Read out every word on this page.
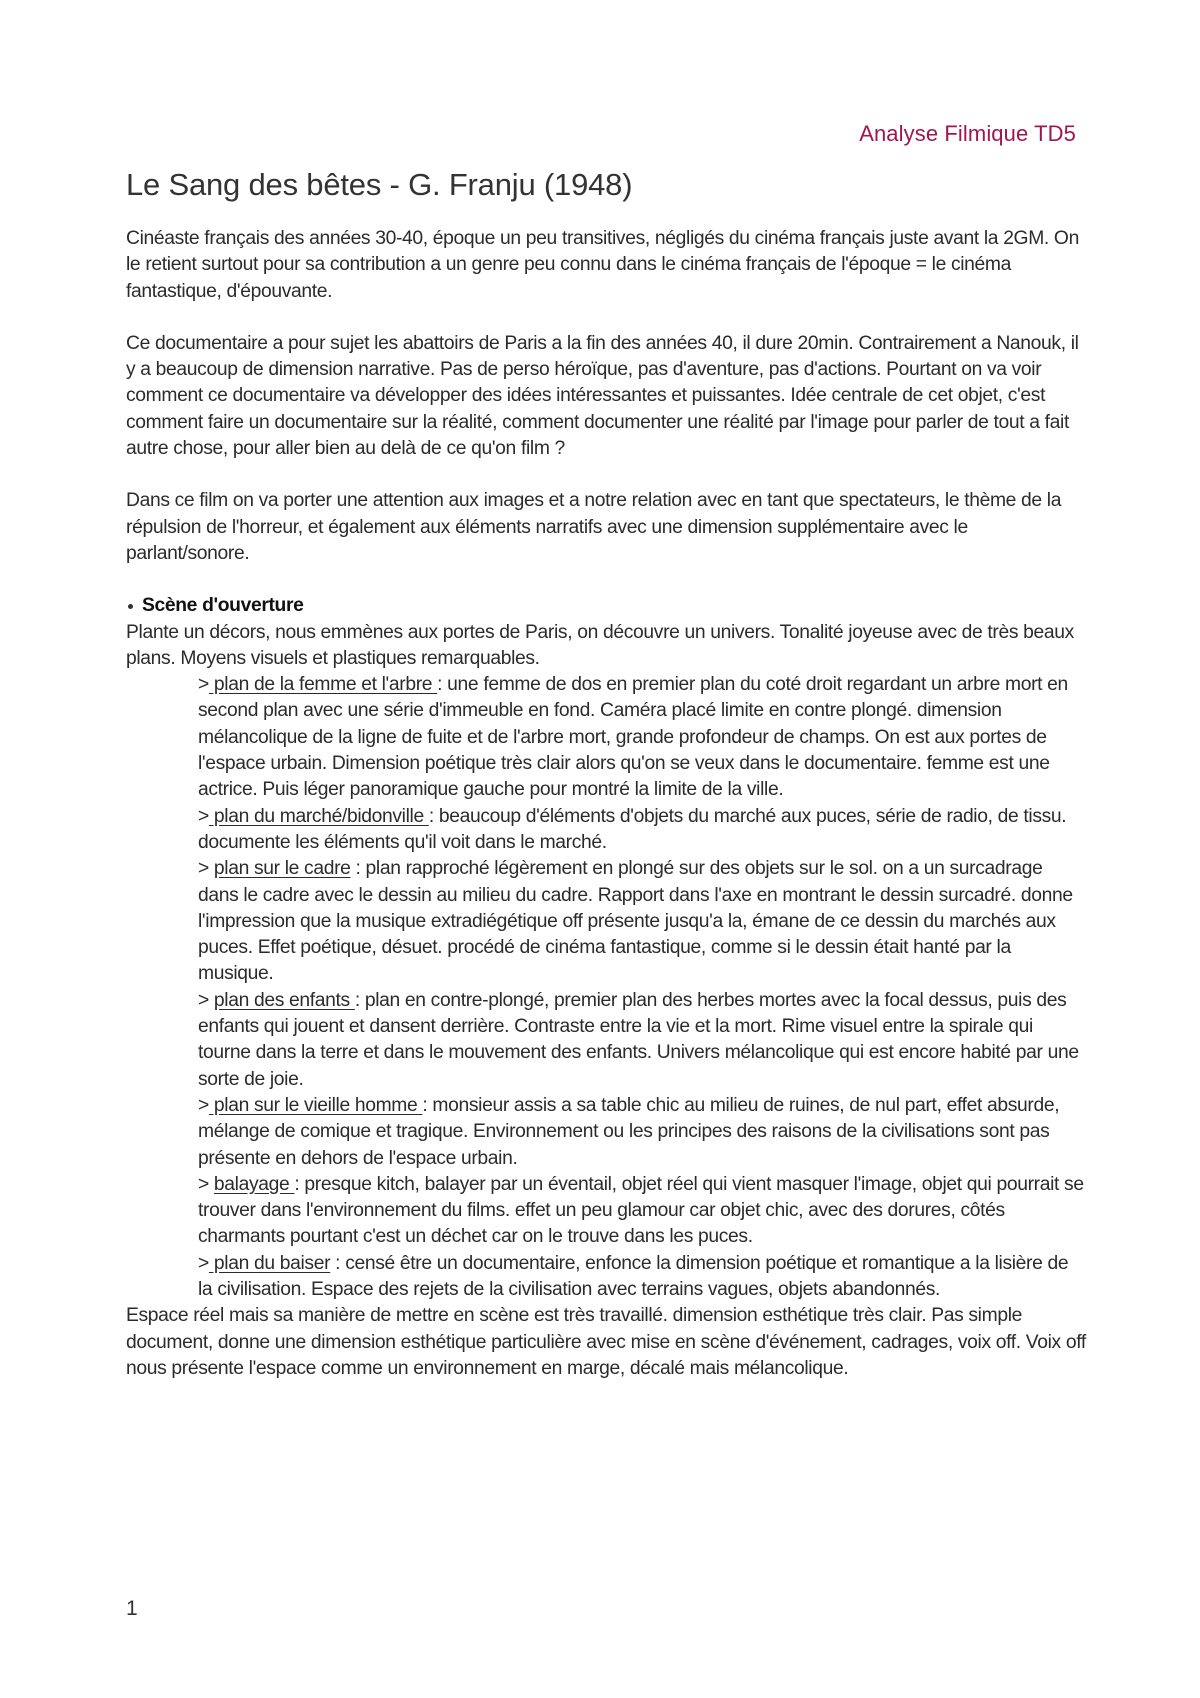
Analyse Filmique TD5
Le Sang des bêtes - G. Franju (1948)

Cinéaste français des années 30-40, époque un peu transitives, négligés du cinéma français juste avant la 2GM. On le retient surtout pour sa contribution a un genre peu connu dans le cinéma français de l'époque = le cinéma fantastique, d'épouvante.

Ce documentaire a pour sujet les abattoirs de Paris a la fin des années 40, il dure 20min. Contrairement a Nanouk, il y a beaucoup de dimension narrative. Pas de perso héroïque, pas d'aventure, pas d'actions. Pourtant on va voir comment ce documentaire va développer des idées intéressantes et puissantes. Idée centrale de cet objet, c'est comment faire un documentaire sur la réalité, comment documenter une réalité par l'image pour parler de tout a fait autre chose, pour aller bien au delà de ce qu'on film ?

Dans ce film on va porter une attention aux images et a notre relation avec en tant que spectateurs, le thème de la répulsion de l'horreur, et également aux éléments narratifs avec une dimension supplémentaire avec le parlant/sonore.

Scène d'ouverture

Plante un décors, nous emmènes aux portes de Paris, on découvre un univers. Tonalité joyeuse avec de très beaux plans. Moyens visuels et plastiques remarquables.

> plan de la femme et l'arbre : une femme de dos en premier plan du coté droit regardant un arbre mort en second plan avec une série d'immeuble en fond. Caméra placé limite en contre plongé. dimension mélancolique de la ligne de fuite et de l'arbre mort, grande profondeur de champs. On est aux portes de l'espace urbain. Dimension poétique très clair alors qu'on se veux dans le documentaire. femme est une actrice. Puis léger panoramique gauche pour montré la limite de la ville.

> plan du marché/bidonville : beaucoup d'éléments d'objets du marché aux puces, série de radio, de tissu. documente les éléments qu'il voit dans le marché.

> plan sur le cadre : plan rapproché légèrement en plongé sur des objets sur le sol. on a un surcadrage dans le cadre avec le dessin au milieu du cadre. Rapport dans l'axe en montrant le dessin surcadré. donne l'impression que la musique extradiégétique off présente jusqu'a la, émane de ce dessin du marchés aux puces. Effet poétique, désuet. procédé de cinéma fantastique, comme si le dessin était hanté par la musique.

> plan des enfants : plan en contre-plongé, premier plan des herbes mortes avec la focal dessus, puis des enfants qui jouent et dansent derrière. Contraste entre la vie et la mort. Rime visuel entre la spirale qui tourne dans la terre et dans le mouvement des enfants. Univers mélancolique qui est encore habité par une sorte de joie.

> plan sur le vieille homme : monsieur assis a sa table chic au milieu de ruines, de nul part, effet absurde, mélange de comique et tragique. Environnement ou les principes des raisons de la civilisations sont pas présente en dehors de l'espace urbain.

> balayage : presque kitch, balayer par un éventail, objet réel qui vient masquer l'image, objet qui pourrait se trouver dans l'environnement du films. effet un peu glamour car objet chic, avec des dorures, côtés charmants pourtant c'est un déchet car on le trouve dans les puces.

> plan du baiser : censé être un documentaire, enfonce la dimension poétique et romantique a la lisière de la civilisation. Espace des rejets de la civilisation avec terrains vagues, objets abandonnés.

Espace réel mais sa manière de mettre en scène est très travaillé. dimension esthétique très clair. Pas simple document, donne une dimension esthétique particulière avec mise en scène d'événement, cadrages, voix off. Voix off nous présente l'espace comme un environnement en marge, décalé mais mélancolique.

1
